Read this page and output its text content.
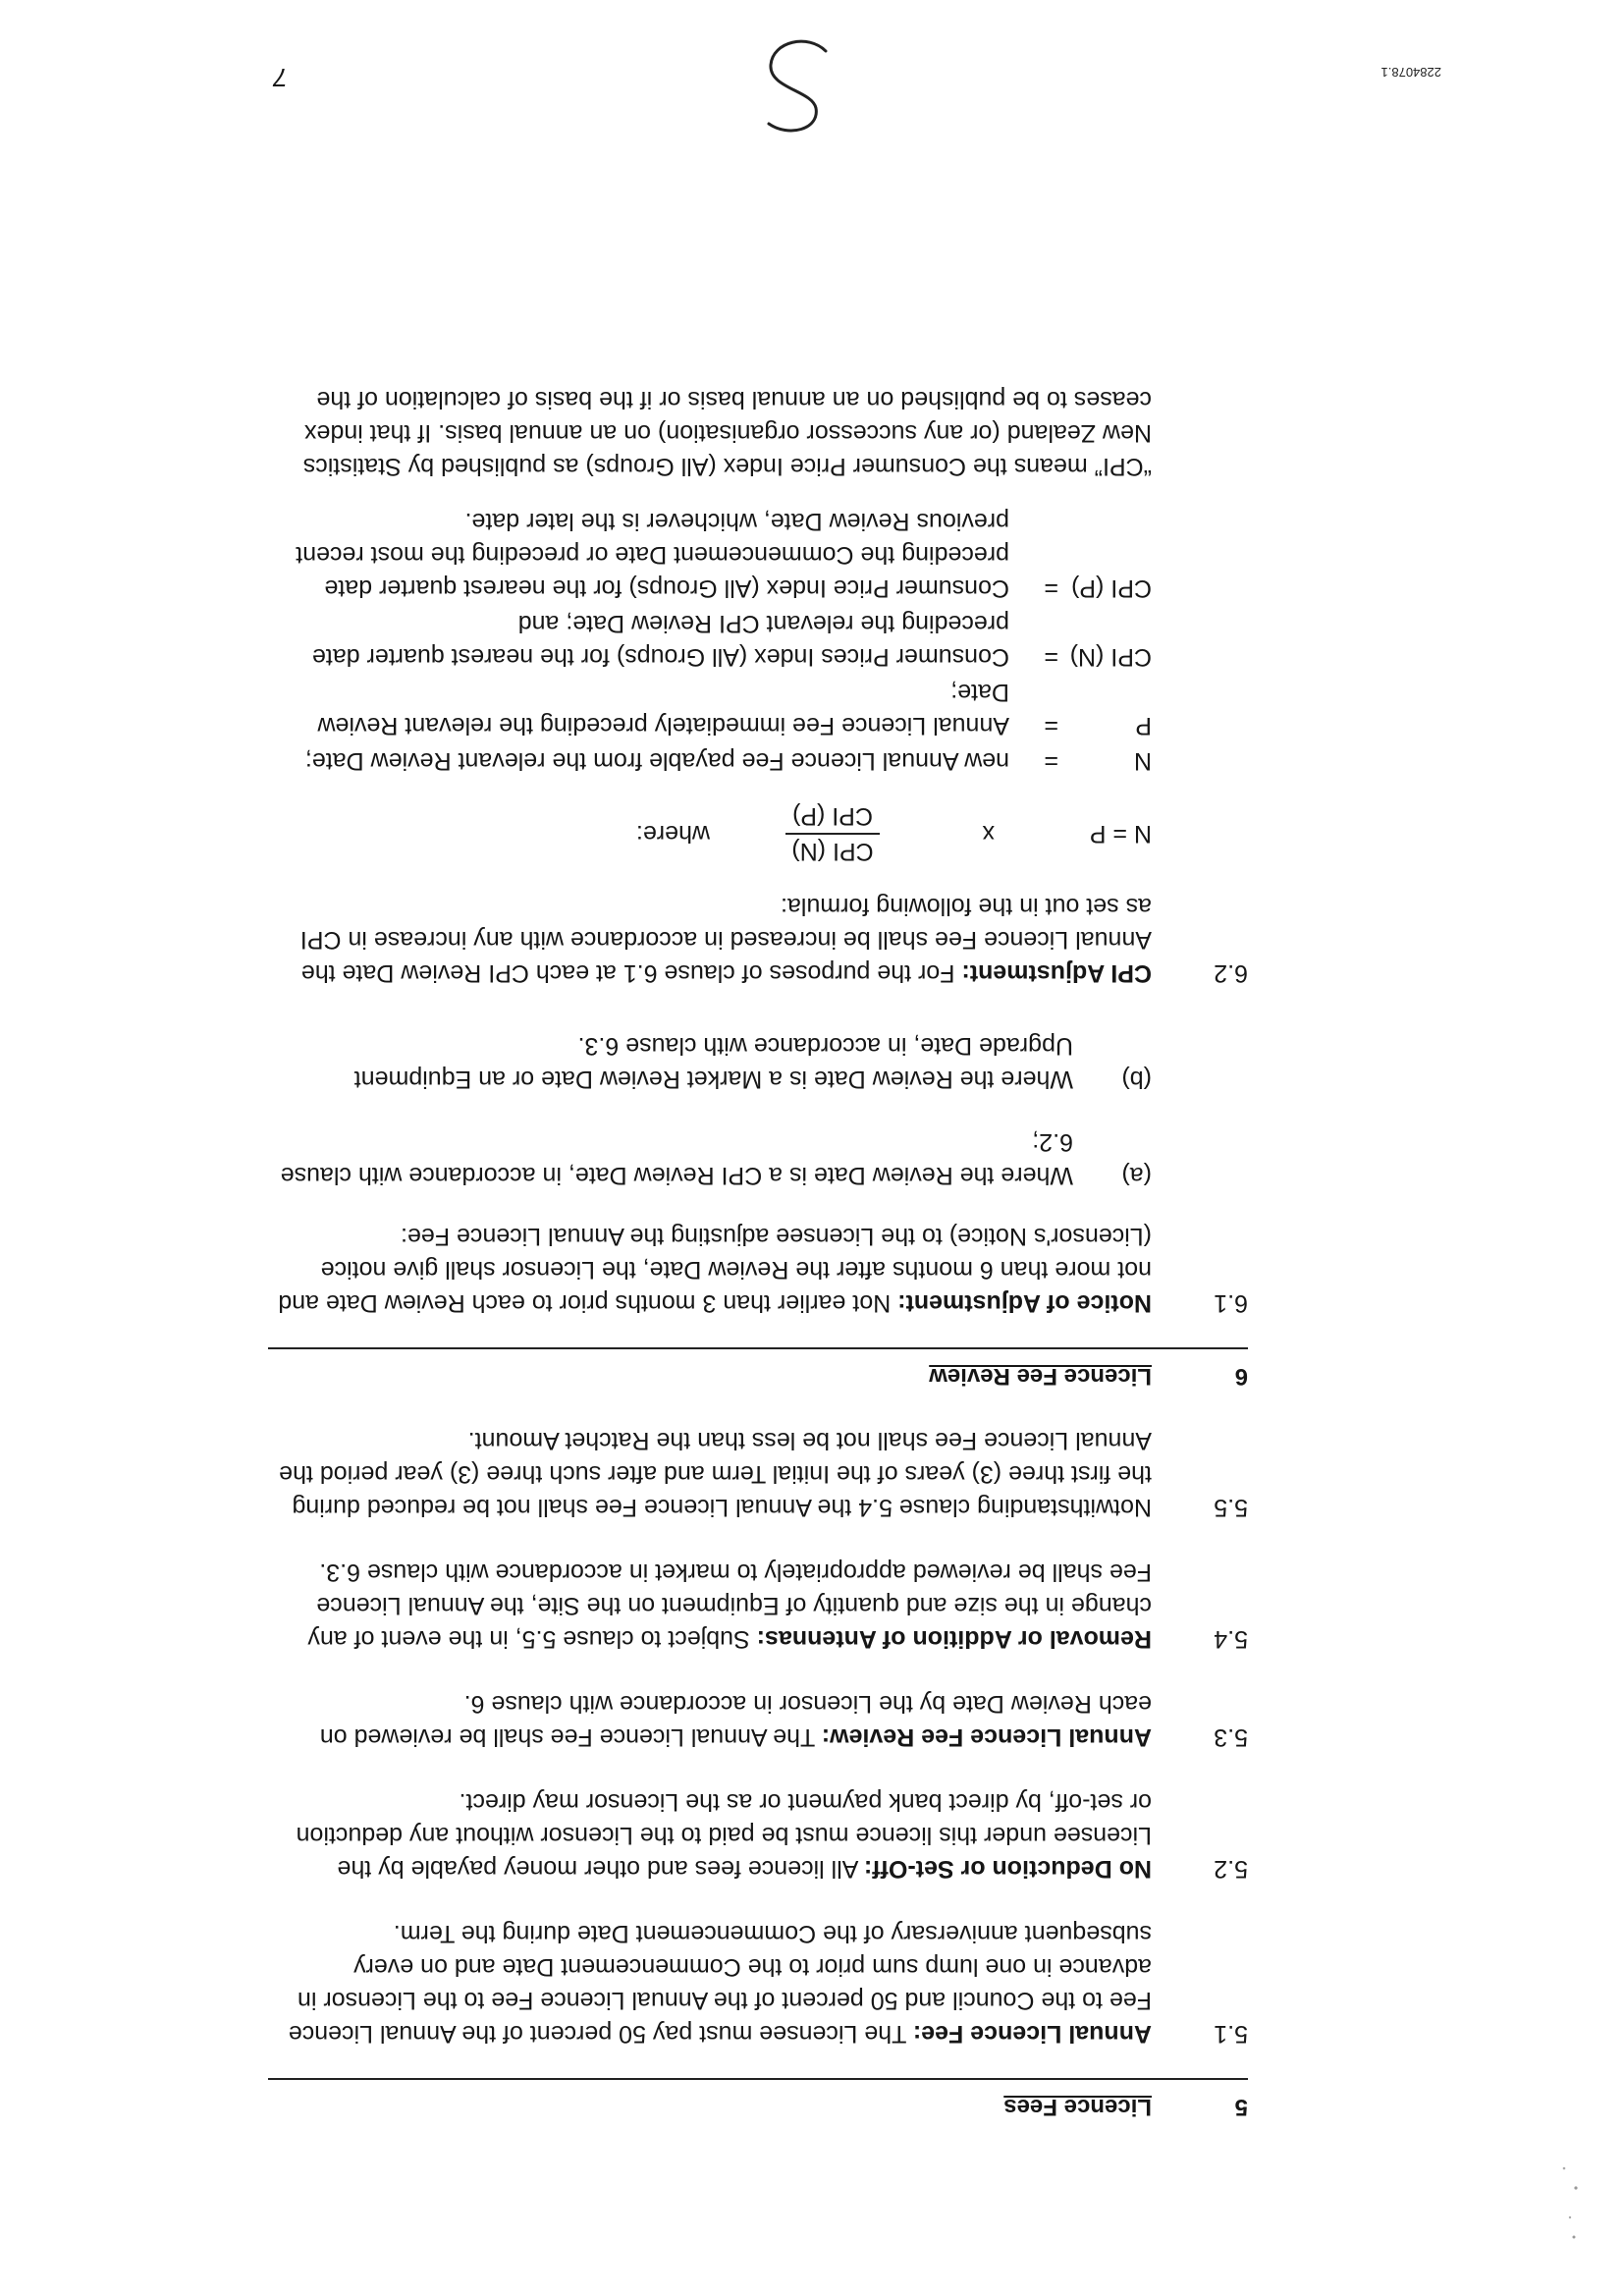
5
Licence Fees
5.1
Annual Licence Fee: The Licensee must pay 50 percent of the Annual Licence Fee to the Council and 50 percent of the Annual Licence Fee to the Licensor in advance in one lump sum prior to the Commencement Date and on every subsequent anniversary of the Commencement Date during the Term.
5.2
No Deduction or Set-Off: All licence fees and other money payable by the Licensee under this licence must be paid to the Licensor without any deduction or set-off, by direct bank payment or as the Licensor may direct.
5.3
Annual Licence Fee Review: The Annual Licence Fee shall be reviewed on each Review Date by the Licensor in accordance with clause 6.
5.4
Removal or Addition of Antennas: Subject to clause 5.5, in the event of any change in the size and quantity of Equipment on the Site, the Annual Licence Fee shall be reviewed appropriately to market in accordance with clause 6.3.
5.5
Notwithstanding clause 5.4 the Annual Licence Fee shall not be reduced during the first three (3) years of the Initial Term and after such three (3) year period the Annual Licence Fee shall not be less than the Ratchet Amount.
6
Licence Fee Review
6.1
Notice of Adjustment: Not earlier than 3 months prior to each Review Date and not more than 6 months after the Review Date, the Licensor shall give notice (Licensor's Notice) to the Licensee adjusting the Annual Licence Fee:
(a)
Where the Review Date is a CPI Review Date, in accordance with clause 6.2;
(b)
Where the Review Date is a Market Review Date or an Equipment Upgrade Date, in accordance with clause 6.3.
6.2
CPI Adjustment: For the purposes of clause 6.1 at each CPI Review Date the Annual Licence Fee shall be increased in accordance with any increase in CPI as set out in the following formula:
N = P
x
CPI (N)
CPI (P)
where:
N
=
new Annual Licence Fee payable from the relevant Review Date;
P
=
Annual Licence Fee immediately preceding the relevant Review Date;
CPI (N)
=
Consumer Prices Index (All Groups) for the nearest quarter date preceding the relevant CPI Review Date; and
CPI (P)
=
Consumer Price Index (All Groups) for the nearest quarter date preceding the Commencement Date or preceding the most recent previous Review Date, whichever is the later date.
“CPI” means the Consumer Price Index (All Groups) as published by Statistics New Zealand (or any successor organisation) on an annual basis. If that index ceases to be published on an annual basis or if the basis of calculation of the
2284078.1
7
